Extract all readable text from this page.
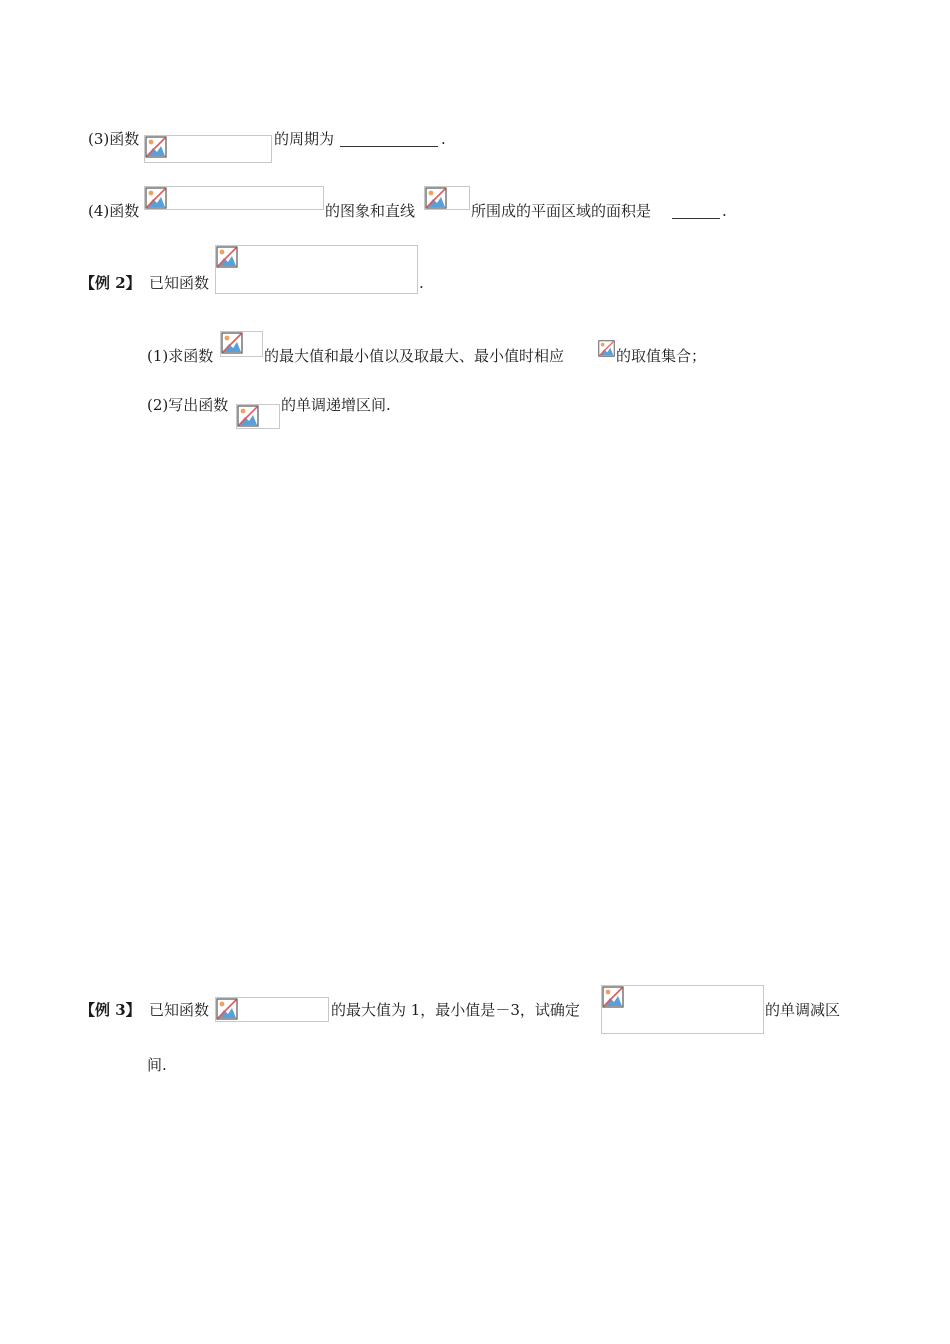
(3)函数	的周期为	.
(4)函数	的图象和直线	所围成的平面区域的面积是	.
【例 2】 已知函数	.
(1)求函数	的最大值和最小值以及取最大、最小值时相应	的取值集合；
(2)写出函数	的单调递增区间.
【例 3】 已知函数	的最大值为 1，最小值是－3，试确定	的单调减区
间.
